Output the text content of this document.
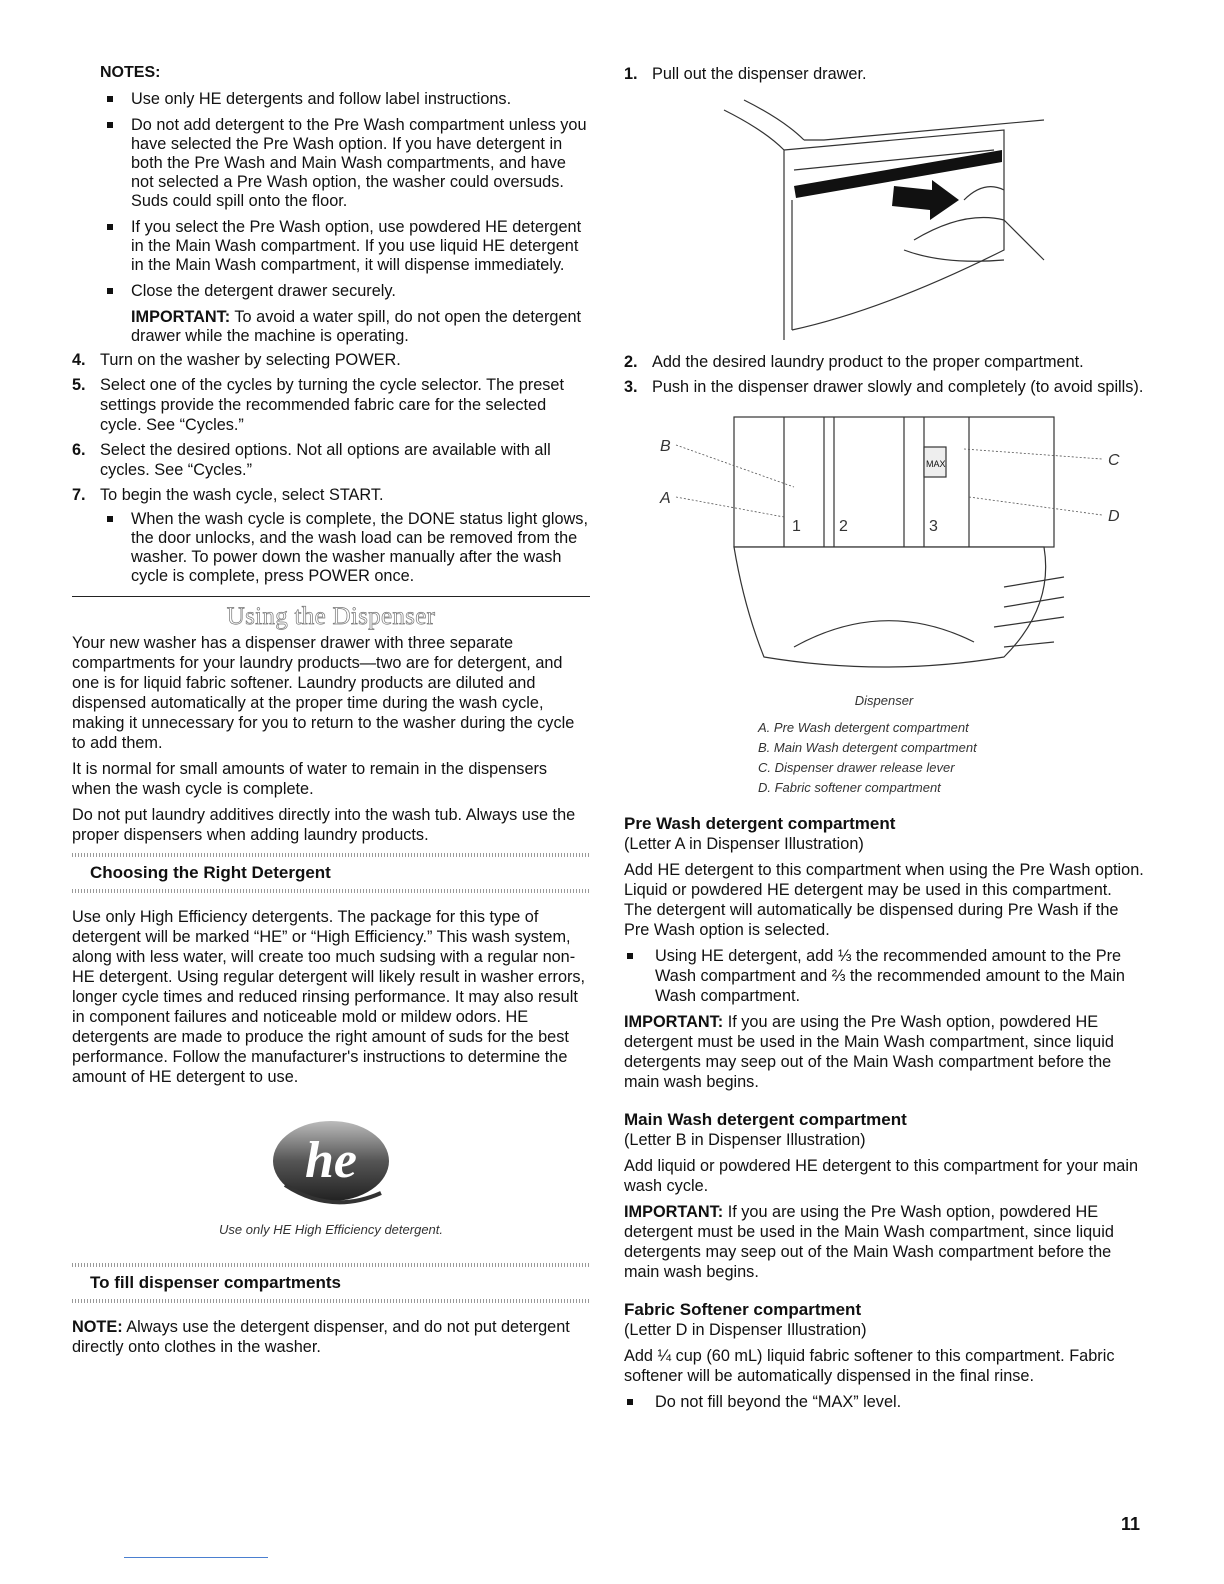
NOTES:

Use only HE detergents and follow label instructions.
Do not add detergent to the Pre Wash compartment unless you have selected the Pre Wash option. If you have detergent in both the Pre Wash and Main Wash compartments, and have not selected a Pre Wash option, the washer could oversuds. Suds could spill onto the floor.
If you select the Pre Wash option, use powdered HE detergent in the Main Wash compartment. If you use liquid HE detergent in the Main Wash compartment, it will dispense immediately.
Close the detergent drawer securely.
IMPORTANT: To avoid a water spill, do not open the detergent drawer while the machine is operating.
4. Turn on the washer by selecting POWER.
5. Select one of the cycles by turning the cycle selector. The preset settings provide the recommended fabric care for the selected cycle. See “Cycles.”
6. Select the desired options. Not all options are available with all cycles. See “Cycles.”
7. To begin the wash cycle, select START.
When the wash cycle is complete, the DONE status light glows, the door unlocks, and the wash load can be removed from the washer. To power down the washer manually after the wash cycle is complete, press POWER once.
Using the Dispenser

Your new washer has a dispenser drawer with three separate compartments for your laundry products—two are for detergent, and one is for liquid fabric softener. Laundry products are diluted and dispensed automatically at the proper time during the wash cycle, making it unnecessary for you to return to the washer during the cycle to add them.

It is normal for small amounts of water to remain in the dispensers when the wash cycle is complete.

Do not put laundry additives directly into the wash tub. Always use the proper dispensers when adding laundry products.

Choosing the Right Detergent

Use only High Efficiency detergents. The package for this type of detergent will be marked “HE” or “High Efficiency.” This wash system, along with less water, will create too much sudsing with a regular non-HE detergent. Using regular detergent will likely result in washer errors, longer cycle times and reduced rinsing performance. It may also result in component failures and noticeable mold or mildew odors. HE detergents are made to produce the right amount of suds for the best performance. Follow the manufacturer's instructions to determine the amount of HE detergent to use.

he

Use only HE High Efficiency detergent.

To fill dispenser compartments

NOTE: Always use the detergent dispenser, and do not put detergent directly onto clothes in the washer.

1. Pull out the dispenser drawer.
2. Add the desired laundry product to the proper compartment.
3. Push in the dispenser drawer slowly and completely (to avoid spills).
B
A
C
D
1 2	3
MAX

Dispenser

A. Pre Wash detergent compartment
B. Main Wash detergent compartment
C. Dispenser drawer release lever
D. Fabric softener compartment
Pre Wash detergent compartment

(Letter A in Dispenser Illustration)

Add HE detergent to this compartment when using the Pre Wash option. Liquid or powdered HE detergent may be used in this compartment. The detergent will automatically be dispensed during Pre Wash if the Pre Wash option is selected.

Using HE detergent, add ⅓ the recommended amount to the Pre Wash compartment and ⅔ the recommended amount to the Main Wash compartment.

IMPORTANT: If you are using the Pre Wash option, powdered HE detergent must be used in the Main Wash compartment, since liquid detergents may seep out of the Main Wash compartment before the main wash begins.

Main Wash detergent compartment

(Letter B in Dispenser Illustration)

Add liquid or powdered HE detergent to this compartment for your main wash cycle.

IMPORTANT: If you are using the Pre Wash option, powdered HE detergent must be used in the Main Wash compartment, since liquid detergents may seep out of the Main Wash compartment before the main wash begins.

Fabric Softener compartment

(Letter D in Dispenser Illustration)

Add ¼ cup (60 mL) liquid fabric softener to this compartment. Fabric softener will be automatically dispensed in the final rinse.

Do not fill beyond the “MAX” level.
11
